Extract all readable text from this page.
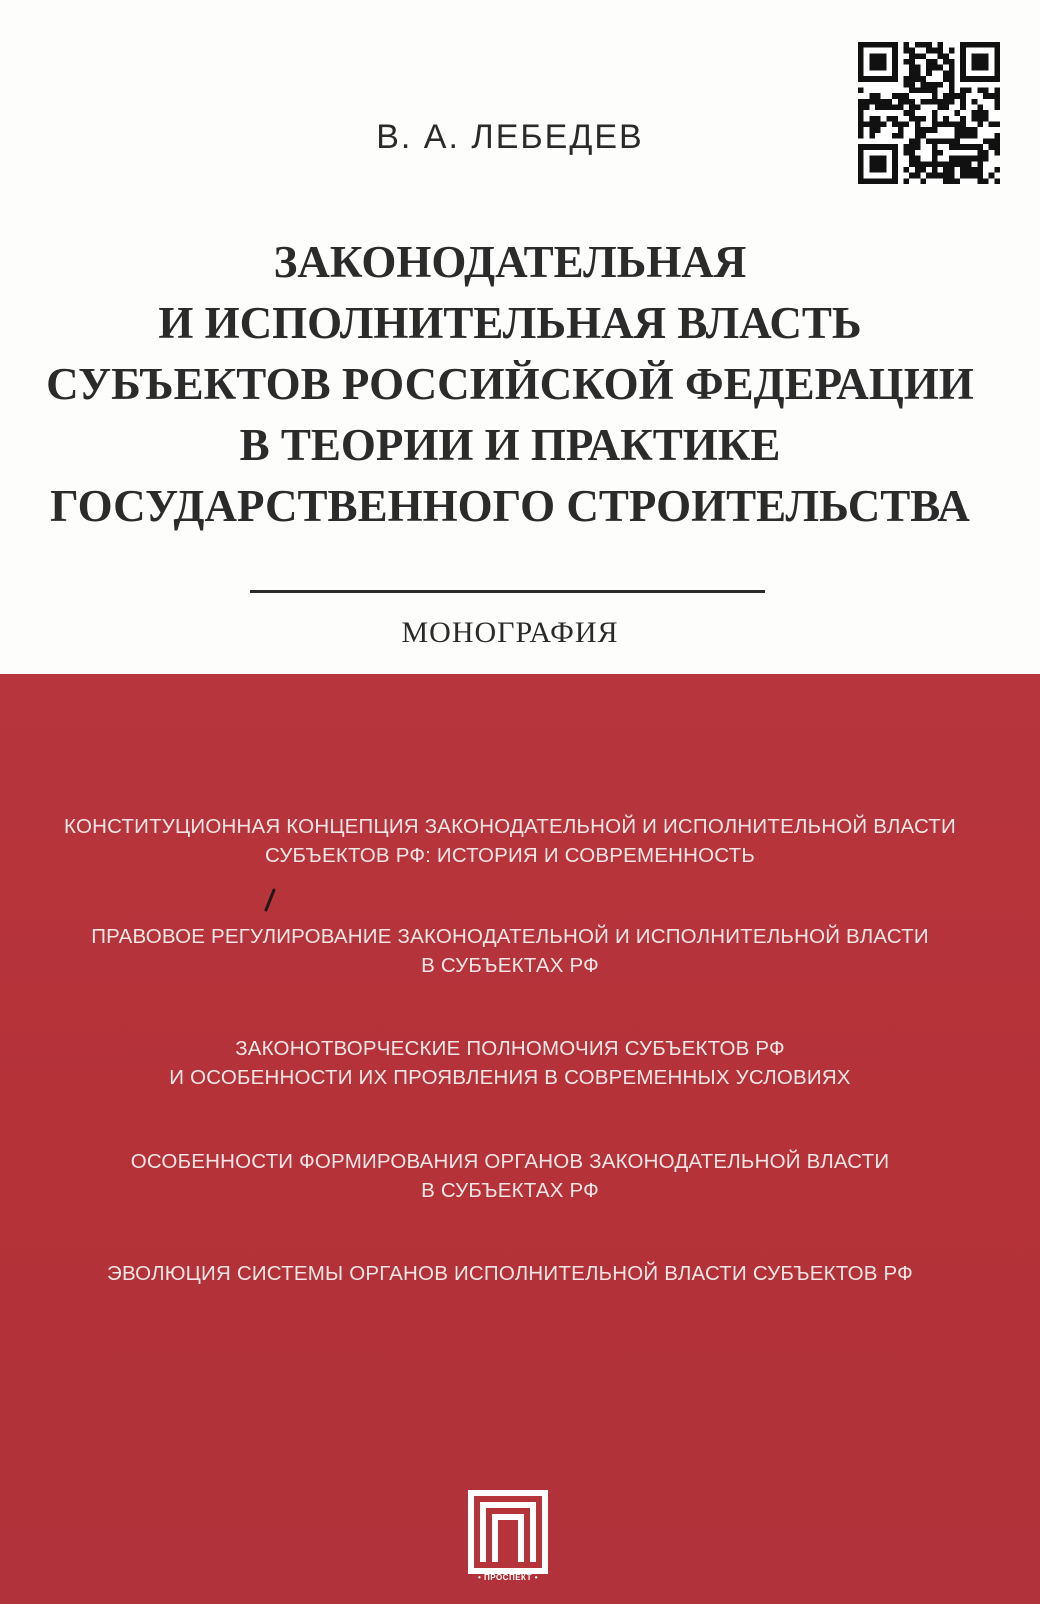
В. А. ЛЕБЕДЕВ
ЗАКОНОДАТЕЛЬНАЯ
И ИСПОЛНИТЕЛЬНАЯ ВЛАСТЬ
СУБЪЕКТОВ РОССИЙСКОЙ ФЕДЕРАЦИИ
В ТЕОРИИ И ПРАКТИКЕ
ГОСУДАРСТВЕННОГО СТРОИТЕЛЬСТВА
МОНОГРАФИЯ
КОНСТИТУЦИОННАЯ КОНЦЕПЦИЯ ЗАКОНОДАТЕЛЬНОЙ И ИСПОЛНИТЕЛЬНОЙ ВЛАСТИ
СУБЪЕКТОВ РФ: ИСТОРИЯ И СОВРЕМЕННОСТЬ
ПРАВОВОЕ РЕГУЛИРОВАНИЕ ЗАКОНОДАТЕЛЬНОЙ И ИСПОЛНИТЕЛЬНОЙ ВЛАСТИ
В СУБЪЕКТАХ РФ
ЗАКОНОТВОРЧЕСКИЕ ПОЛНОМОЧИЯ СУБЪЕКТОВ РФ
И ОСОБЕННОСТИ ИХ ПРОЯВЛЕНИЯ В СОВРЕМЕННЫХ УСЛОВИЯХ
ОСОБЕННОСТИ ФОРМИРОВАНИЯ ОРГАНОВ ЗАКОНОДАТЕЛЬНОЙ ВЛАСТИ
В СУБЪЕКТАХ РФ
ЭВОЛЮЦИЯ СИСТЕМЫ ОРГАНОВ ИСПОЛНИТЕЛЬНОЙ ВЛАСТИ СУБЪЕКТОВ РФ
• ПРОСПЕКТ •
